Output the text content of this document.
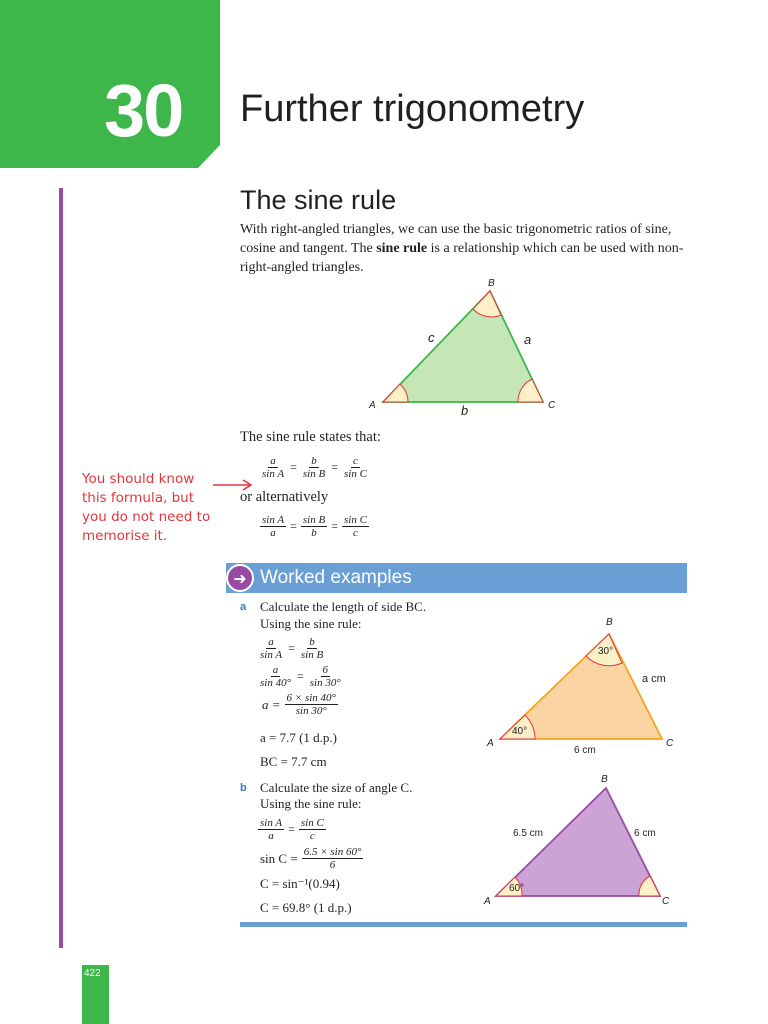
30 Further trigonometry
The sine rule
With right-angled triangles, we can use the basic trigonometric ratios of sine, cosine and tangent. The sine rule is a relationship which can be used with non-right-angled triangles.
B
A	C
c	a
b
The sine rule states that:
$\frac{a}{\text{sin A}} = \frac{b}{\text{sin B}} = \frac{c}{\text{sin C}}$
or alternatively
$\frac{\text{sin A}}{a} = \frac{\text{sin B}}{b} = \frac{\text{sin C}}{c}$
You should know this formula, but you do not need to memorise it.
➜ Worked examples
a Calculate the length of side BC.
Using the sine rule:
$\frac{a}{\text{sin A}} = \frac{b}{\text{sin B}}$
$\frac{a}{\sin 40^\circ} = \frac{6}{\sin 30^\circ}$
$a = \frac{6 \times \sin 40^\circ}{\sin 30^\circ}$
a = 7.7 (1 d.p.)
BC = 7.7 cm
40°
30°
B
A	C
a cm
6 cm
b Calculate the size of angle C.
Using the sine rule:
$\frac{\text{sin A}}{a} = \frac{\text{sin C}}{c}$
$\sin C = \frac{6.5 \times \sin 60^\circ}{6}$
C = sin⁻¹(0.94)
C = 69.8° (1 d.p.)
60°
B
A	C
6.5 cm	6 cm
422
